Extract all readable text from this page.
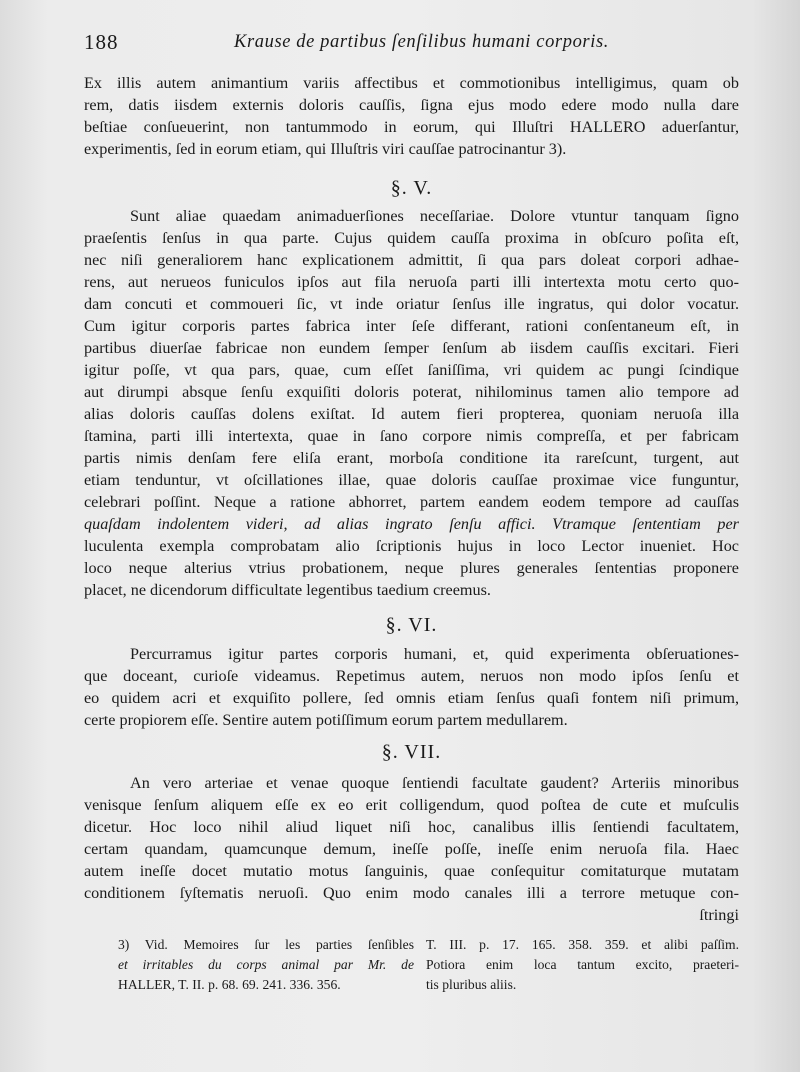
188	Krause de partibus ſenſilibus humani corporis.
Ex illis autem animantium variis affectibus et commotionibus intelligimus, quam ob
rem, datis iisdem externis doloris cauſſis, ſigna ejus modo edere modo nulla dare
beſtiae conſueuerint, non tantummodo in eorum, qui Illuſtri HALLERO aduerſantur,
experimentis, ſed in eorum etiam, qui Illuſtris viri cauſſae patrocinantur 3).
§. V.
Sunt aliae quaedam animaduerſiones neceſſariae. Dolore vtuntur tanquam ſigno
praeſentis ſenſus in qua parte. Cujus quidem cauſſa proxima in obſcuro poſita eſt,
nec niſi generaliorem hanc explicationem admittit, ſi qua pars doleat corpori adhae-
rens, aut nerueos funiculos ipſos aut fila neruoſa parti illi intertexta motu certo quo-
dam concuti et commoueri ſic, vt inde oriatur ſenſus ille ingratus, qui dolor vocatur.
Cum igitur corporis partes fabrica inter ſeſe differant, rationi conſentaneum eſt, in
partibus diuerſae fabricae non eundem ſemper ſenſum ab iisdem cauſſis excitari. Fieri
igitur poſſe, vt qua pars, quae, cum eſſet ſaniſſima, vri quidem ac pungi ſcindique
aut dirumpi absque ſenſu exquiſiti doloris poterat, nihilominus tamen alio tempore ad
alias doloris cauſſas dolens exiſtat. Id autem fieri propterea, quoniam neruoſa illa
ſtamina, parti illi intertexta, quae in ſano corpore nimis compreſſa, et per fabricam
partis nimis denſam fere eliſa erant, morboſa conditione ita rareſcunt, turgent, aut
etiam tenduntur, vt oſcillationes illae, quae doloris cauſſae proximae vice funguntur,
celebrari poſſint. Neque a ratione abhorret, partem eandem eodem tempore ad cauſſas
quaſdam indolentem videri, ad alias ingrato ſenſu affici. Vtramque ſententiam per
luculenta exempla comprobatam alio ſcriptionis hujus in loco Lector inueniet. Hoc
loco neque alterius vtrius probationem, neque plures generales ſententias proponere
placet, ne dicendorum difficultate legentibus taedium creemus.
§. VI.
Percurramus igitur partes corporis humani, et, quid experimenta obſeruationes-
que doceant, curioſe videamus. Repetimus autem, neruos non modo ipſos ſenſu et
eo quidem acri et exquiſito pollere, ſed omnis etiam ſenſus quaſi fontem niſi primum,
certe propiorem eſſe. Sentire autem potiſſimum eorum partem medullarem.
§. VII.
An vero arteriae et venae quoque ſentiendi facultate gaudent? Arteriis minoribus
venisque ſenſum aliquem eſſe ex eo erit colligendum, quod poſtea de cute et muſculis
dicetur. Hoc loco nihil aliud liquet niſi hoc, canalibus illis ſentiendi facultatem,
certam quandam, quamcunque demum, ineſſe poſſe, ineſſe enim neruoſa fila. Haec
autem ineſſe docet mutatio motus ſanguinis, quae conſequitur comitaturque mutatam
conditionem ſyſtematis neruoſi. Quo enim modo canales illi a terrore metuque con-
ſtringi
3) Vid. Memoires ſur les parties ſenſibles
et irritables du corps animal par Mr. de
HALLER, T. II. p. 68. 69. 241. 336. 356.
T. III. p. 17. 165. 358. 359. et alibi paſſim.
Potiora enim loca tantum excito, praeteri-
tis pluribus aliis.
